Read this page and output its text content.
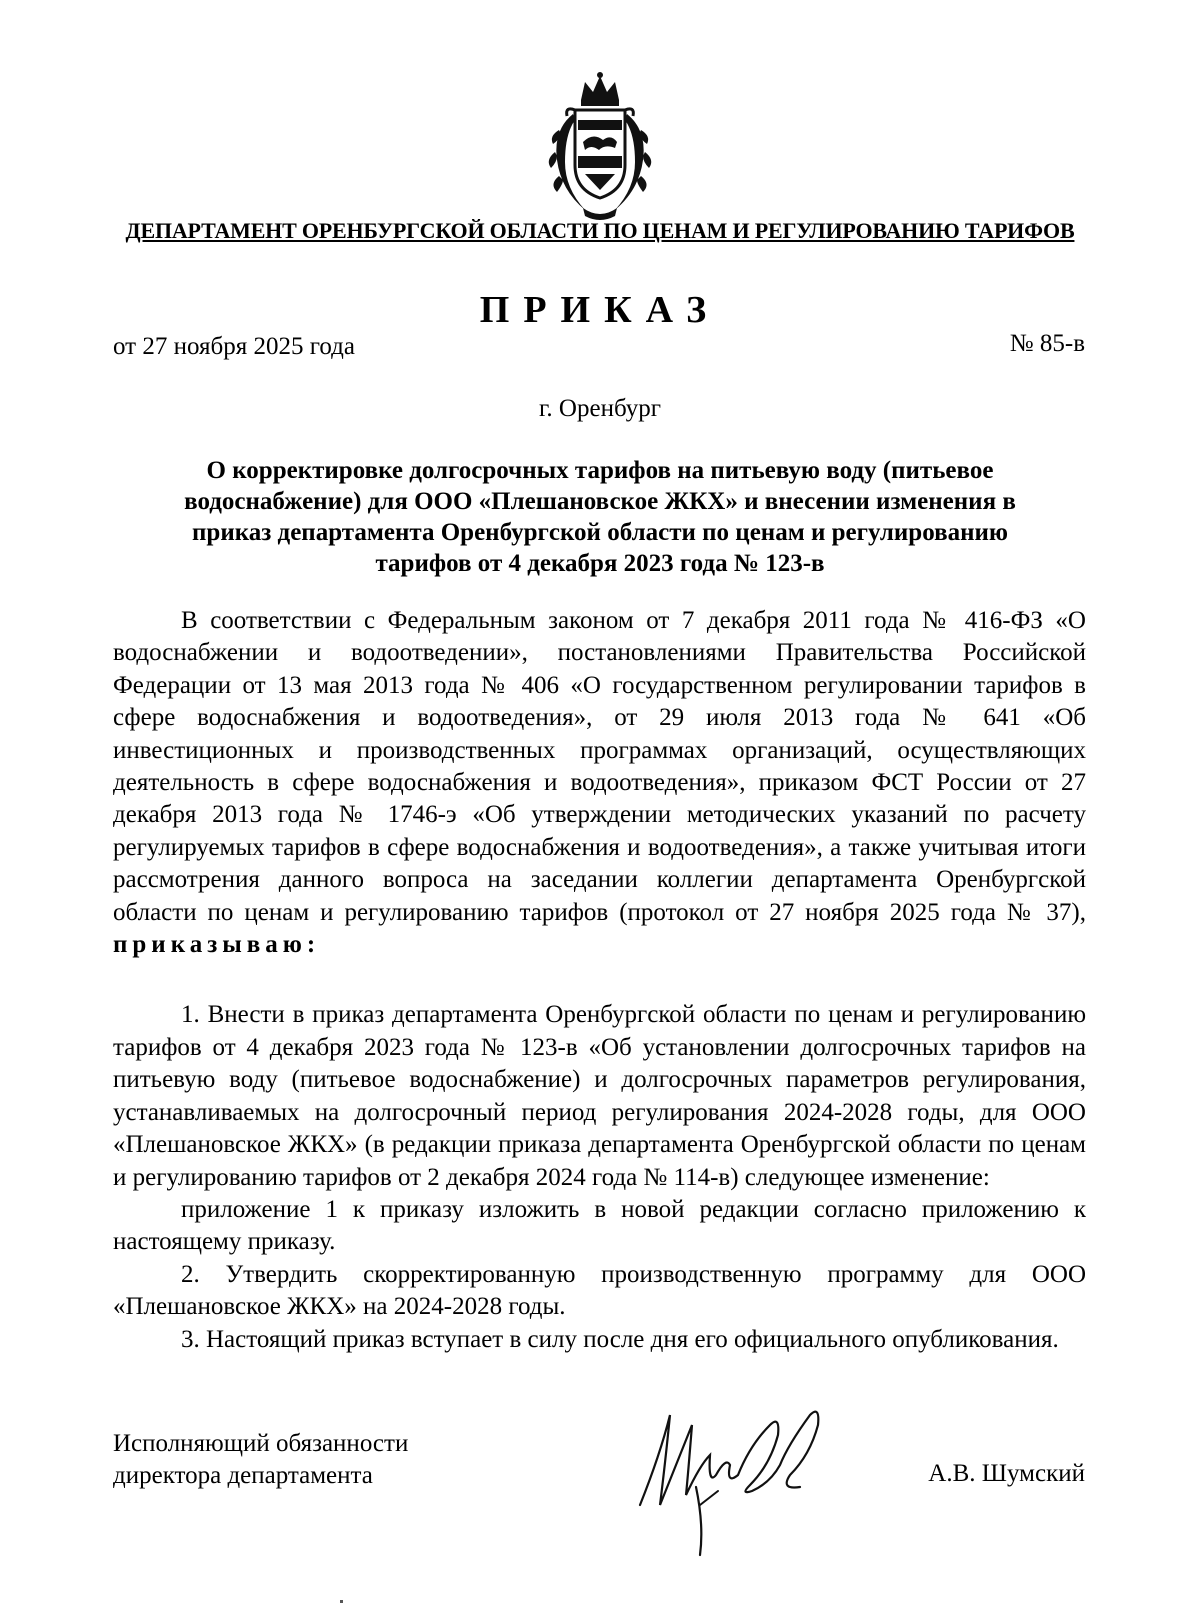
ДЕПАРТАМЕНТ ОРЕНБУРГСКОЙ ОБЛАСТИ ПО ЦЕНАМ И РЕГУЛИРОВАНИЮ ТАРИФОВ
ПРИКАЗ
от 27 ноября 2025 года	№ 85-в
г. Оренбург
О корректировке долгосрочных тарифов на питьевую воду (питьевое
водоснабжение) для ООО «Плешановское ЖКХ» и внесении изменения в
приказ департамента Оренбургской области по ценам и регулированию
тарифов от 4 декабря 2023 года № 123-в

В соответствии с Федеральным законом от 7 декабря 2011 года № 416-ФЗ «О водоснабжении и водоотведении», постановлениями Правительства Российской Федерации от 13 мая 2013 года № 406 «О государственном регулировании тарифов в сфере водоснабжения и водоотведения», от 29 июля 2013 года № 641 «Об инвестиционных и производственных программах организаций, осуществляющих деятельность в сфере водоснабжения и водоотведения», приказом ФСТ России от 27 декабря 2013 года № 1746-э «Об утверждении методических указаний по расчету регулируемых тарифов в сфере водоснабжения и водоотведения», а также учитывая итоги рассмотрения данного вопроса на заседании коллегии департамента Оренбургской области по ценам и регулированию тарифов (протокол от 27 ноября 2025 года № 37), приказываю:

1. Внести в приказ департамента Оренбургской области по ценам и регулированию тарифов от 4 декабря 2023 года № 123-в «Об установлении долгосрочных тарифов на питьевую воду (питьевое водоснабжение) и долгосрочных параметров регулирования, устанавливаемых на долгосрочный период регулирования 2024-2028 годы, для ООО «Плешановское ЖКХ» (в редакции приказа департамента Оренбургской области по ценам и регулированию тарифов от 2 декабря 2024 года № 114-в) следующее изменение:

приложение 1 к приказу изложить в новой редакции согласно приложению к настоящему приказу.

2. Утвердить скорректированную производственную программу для ООО «Плешановское ЖКХ» на 2024-2028 годы.

3. Настоящий приказ вступает в силу после дня его официального опубликования.

Исполняющий обязанности
директора департамента	А.В. Шумский
